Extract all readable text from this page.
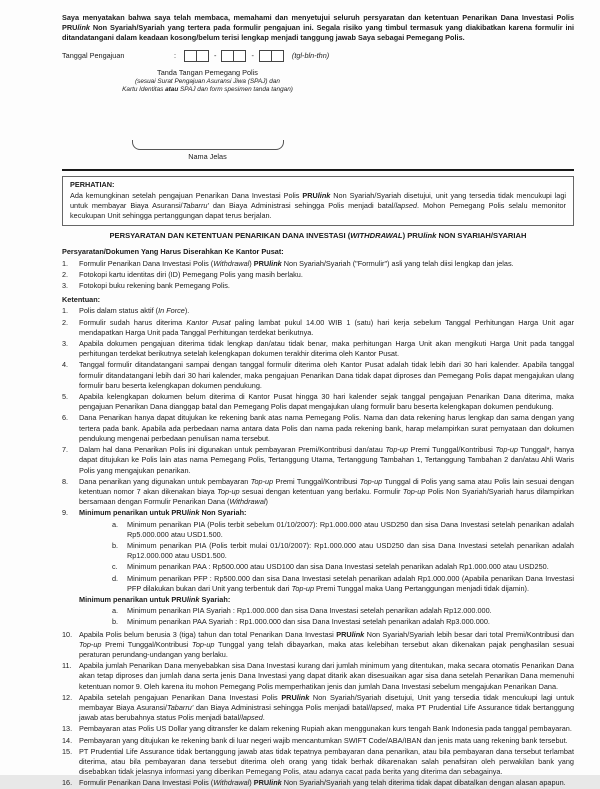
Saya menyatakan bahwa saya telah membaca, memahami dan menyetujui seluruh persyaratan dan ketentuan Penarikan Dana Investasi Polis PRUlink Non Syariah/Syariah yang tertera pada formulir pengajuan ini. Segala risiko yang timbul termasuk yang diakibatkan karena formulir ini ditandatangani dalam keadaan kosong/belum terisi lengkap menjadi tanggung jawab Saya sebagai Pemegang Polis.

Tanggal Pengajuan	:	-	-	(tgl-bln-thn)
Tanda Tangan Pemegang Polis
(sesuai Surat Pengajuan Asuransi Jiwa (SPAJ) dan
Kartu Identitas atau SPAJ dan form spesimen tanda tangan)
Nama Jelas
PERHATIAN:
Ada kemungkinan setelah pengajuan Penarikan Dana Investasi Polis PRUlink Non Syariah/Syariah disetujui, unit yang tersedia tidak mencukupi lagi untuk membayar Biaya Asuransi/Tabarru' dan Biaya Administrasi sehingga Polis menjadi batal/lapsed. Mohon Pemegang Polis selalu memonitor kecukupan Unit sehingga pertanggungan dapat terus berjalan.
PERSYARATAN DAN KETENTUAN PENARIKAN DANA INVESTASI (WITHDRAWAL) PRUlink NON SYARIAH/SYARIAH
Persyaratan/Dokumen Yang Harus Diserahkan Ke Kantor Pusat:
1.	Formulir Penarikan Dana Investasi Polis (Withdrawal) PRUlink Non Syariah/Syariah ("Formulir") asli yang telah diisi lengkap dan jelas.
2.	Fotokopi kartu identitas diri (ID) Pemegang Polis yang masih berlaku.
3.	Fotokopi buku rekening bank Pemegang Polis.
Ketentuan:
1.	Polis dalam status aktif (In Force).
2.	Formulir sudah harus diterima Kantor Pusat paling lambat pukul 14.00 WIB 1 (satu) hari kerja sebelum Tanggal Perhitungan Harga Unit agar mendapatkan Harga Unit pada Tanggal Perhitungan terdekat berikutnya.
3.	Apabila dokumen pengajuan diterima tidak lengkap dan/atau tidak benar, maka perhitungan Harga Unit akan mengikuti Harga Unit pada tanggal perhitungan terdekat berikutnya setelah kelengkapan dokumen terakhir diterima oleh Kantor Pusat.
4.	Tanggal formulir ditandatangani sampai dengan tanggal formulir diterima oleh Kantor Pusat adalah tidak lebih dari 30 hari kalender. Apabila tanggal formulir ditandatangani lebih dari 30 hari kalender, maka pengajuan Penarikan Dana tidak dapat diproses dan Pemegang Polis dapat mengajukan ulang formulir baru beserta kelengkapan dokumen pendukung.
5.	Apabila kelengkapan dokumen belum diterima di Kantor Pusat hingga 30 hari kalender sejak tanggal pengajuan Penarikan Dana diterima, maka pengajuan Penarikan Dana dianggap batal dan Pemegang Polis dapat mengajukan ulang formulir baru beserta kelengkapan dokumen pendukung.
6.	Dana Penarikan hanya dapat ditujukan ke rekening bank atas nama Pemegang Polis. Nama dan data rekening harus lengkap dan sama dengan yang tertera pada bank. Apabila ada perbedaan nama antara data Polis dan nama pada rekening bank, harap melampirkan surat pernyataan dan dokumen pendukung mengenai perbedaan penulisan nama tersebut.
7.	Dalam hal dana Penarikan Polis ini digunakan untuk pembayaran Premi/Kontribusi dan/atau Top-up Premi Tunggal/Kontribusi Top-up Tunggal*, hanya dapat ditujukan ke Polis lain atas nama Pemegang Polis, Tertanggung Utama, Tertanggung Tambahan 1, Tertanggung Tambahan 2 dan/atau Ahli Waris Polis yang mengajukan penarikan.
8.	Dana penarikan yang digunakan untuk pembayaran Top-up Premi Tunggal/Kontribusi Top-up Tunggal di Polis yang sama atau Polis lain sesuai dengan ketentuan nomor 7 akan dikenakan biaya Top-up sesuai dengan ketentuan yang berlaku. Formulir Top-up Polis Non Syariah/Syariah harus dilampirkan bersamaan dengan Formulir Penarikan Dana (Withdrawal)
9.	Minimum penarikan untuk PRUlink Non Syariah:
a.	Minimum penarikan PIA (Polis terbit sebelum 01/10/2007): Rp1.000.000 atau USD250 dan sisa Dana Investasi setelah penarikan adalah Rp5.000.000 atau USD1.500.
b.	Minimum penarikan PIA (Polis terbit mulai 01/10/2007): Rp1.000.000 atau USD250 dan sisa Dana Investasi setelah penarikan adalah Rp12.000.000 atau USD1.500.
c.	Minimum penarikan PAA : Rp500.000 atau USD100 dan sisa Dana Investasi setelah penarikan adalah Rp1.000.000 atau USD250.
d.	Minimum penarikan PFP : Rp500.000 dan sisa Dana Investasi setelah penarikan adalah Rp1.000.000 (Apabila penarikan Dana Investasi PFP dilakukan bukan dari Unit yang terbentuk dari Top-up Premi Tunggal maka Uang Pertanggungan menjadi tidak dijamin).
Minimum penarikan untuk PRUlink Syariah:
a.	Minimum penarikan PIA Syariah : Rp1.000.000 dan sisa Dana Investasi setelah penarikan adalah Rp12.000.000.
b.	Minimum penarikan PAA Syariah : Rp1.000.000 dan sisa Dana Investasi setelah penarikan adalah Rp3.000.000.
10. Apabila Polis belum berusia 3 (tiga) tahun dan total Penarikan Dana Investasi PRUlink Non Syariah/Syariah lebih besar dari total Premi/Kontribusi dan Top-up Premi Tunggal/Kontribusi Top-up Tunggal yang telah dibayarkan, maka atas kelebihan tersebut akan dikenakan pajak penghasilan sesuai peraturan perundang-undangan yang berlaku.
11.	Apabila jumlah Penarikan Dana menyebabkan sisa Dana Investasi kurang dari jumlah minimum yang ditentukan, maka secara otomatis Penarikan Dana akan tetap diproses dan jumlah dana serta jenis Dana Investasi yang dapat ditarik akan disesuaikan agar sisa dana setelah Penarikan Dana memenuhi ketentuan nomor 9. Oleh karena itu mohon Pemegang Polis memperhatikan jenis dan jumlah Dana Investasi sebelum mengajukan Penarikan Dana.
12. Apabila setelah pengajuan Penarikan Dana Investasi Polis PRUlink Non Syariah/Syariah disetujui, Unit yang tersedia tidak mencukupi lagi untuk membayar Biaya Asuransi/Tabarru' dan Biaya Administrasi sehingga Polis menjadi batal/lapsed, maka PT Prudential Life Assurance tidak bertanggung jawab atas berubahnya status Polis menjadi batal/lapsed.
13. Pembayaran atas Polis US Dollar yang ditransfer ke dalam rekening Rupiah akan menggunakan kurs tengah Bank Indonesia pada tanggal pembayaran.
14. Pembayaran yang ditujukan ke rekening bank di luar negeri wajib mencantumkan SWIFT Code/ABA/IBAN dan jenis mata uang rekening bank tersebut.
15. PT Prudential Life Assurance tidak bertanggung jawab atas tidak tepatnya pembayaran dana penarikan, atau bila pembayaran dana tersebut terlambat diterima, atau bila pembayaran dana tersebut diterima oleh orang yang tidak berhak dikarenakan salah penafsiran oleh perwakilan bank yang disebabkan tidak jelasnya informasi yang diberikan Pemegang Polis, atau adanya cacat pada berita yang diterima dan sebagainya.
16. Formulir Penarikan Dana Investasi Polis (Withdrawal) PRUlink Non Syariah/Syariah yang telah diterima tidak dapat dibatalkan dengan alasan apapun.
